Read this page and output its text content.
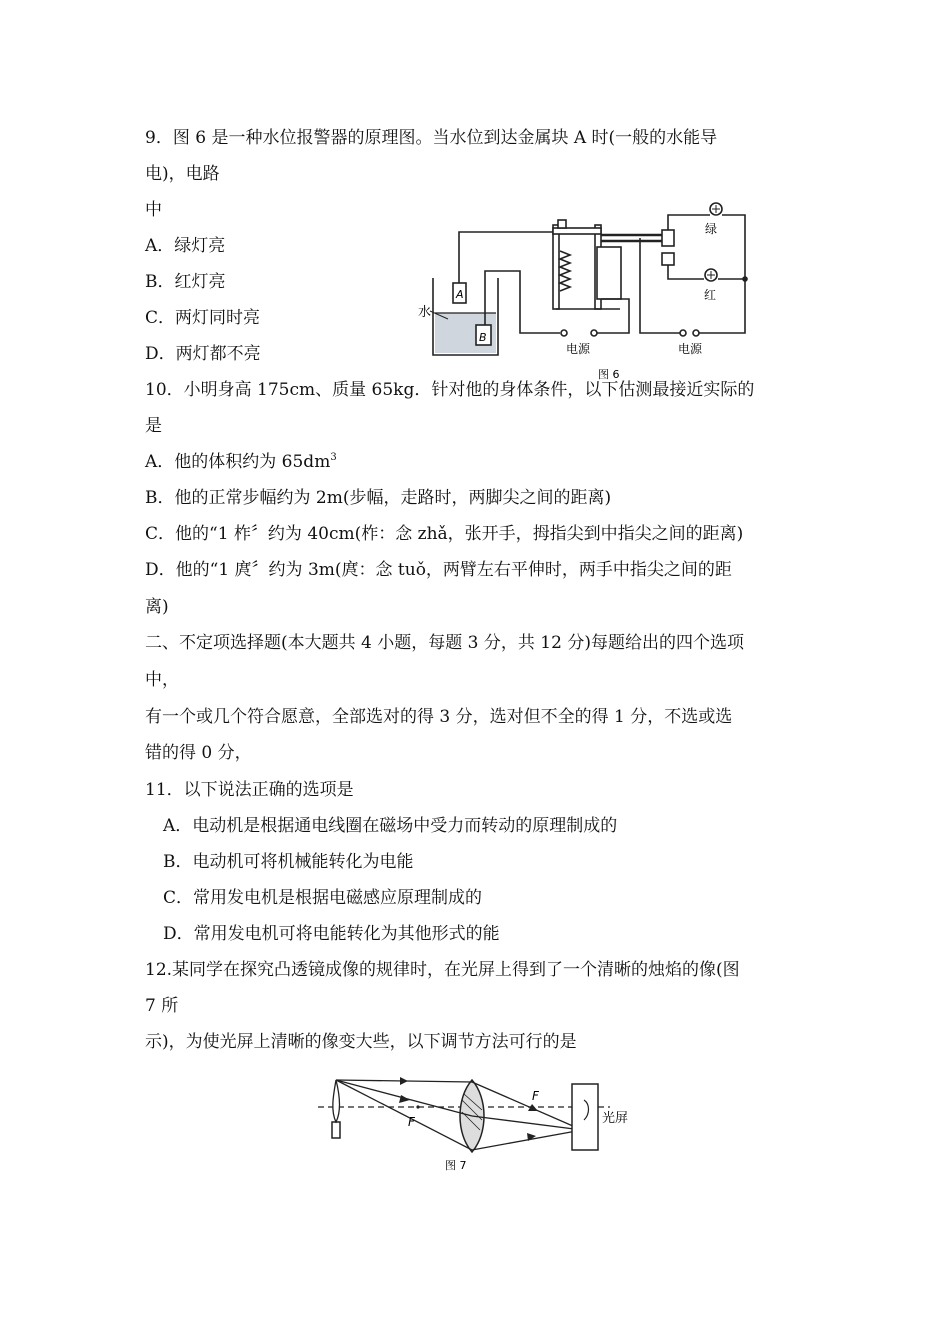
9．图 6 是一种水位报警器的原理图。当水位到达金属块 A 时(一般的水能导
电)，电路
中
A．绿灯亮
B．红灯亮
C．两灯同时亮
D．两灯都不亮
水
A
B
绿
红
电源	电源
图 6
10．小明身高 175cm、质量 65kg．针对他的身体条件，以下估测最接近实际的
是
A．他的体积约为 $65dm^3$
B．他的正常步幅约为 2m(步幅，走路时，两脚尖之间的距离)
C．他的“1 柞〞约为 40cm(柞：念 zhǎ，张开手，拇指尖到中指尖之间的距离)
D．他的“1 庹〞约为 3m(庹：念 tuǒ，两臂左右平伸时，两手中指尖之间的距
离)
二、不定项选择题(本大题共 4 小题，每题 3 分，共 12 分)每题给出的四个选项
中，
有一个或几个符合愿意，全部选对的得 3 分，选对但不全的得 1 分，不选或选
错的得 0 分，
11．以下说法正确的选项是
A．电动机是根据通电线圈在磁场中受力而转动的原理制成的
B．电动机可将机械能转化为电能
C．常用发电机是根据电磁感应原理制成的
D．常用发电机可将电能转化为其他形式的能
12.某同学在探究凸透镜成像的规律时，在光屏上得到了一个清晰的烛焰的像(图
7 所
示)，为使光屏上清晰的像变大些，以下调节方法可行的是
F
F
光屏
图 7
